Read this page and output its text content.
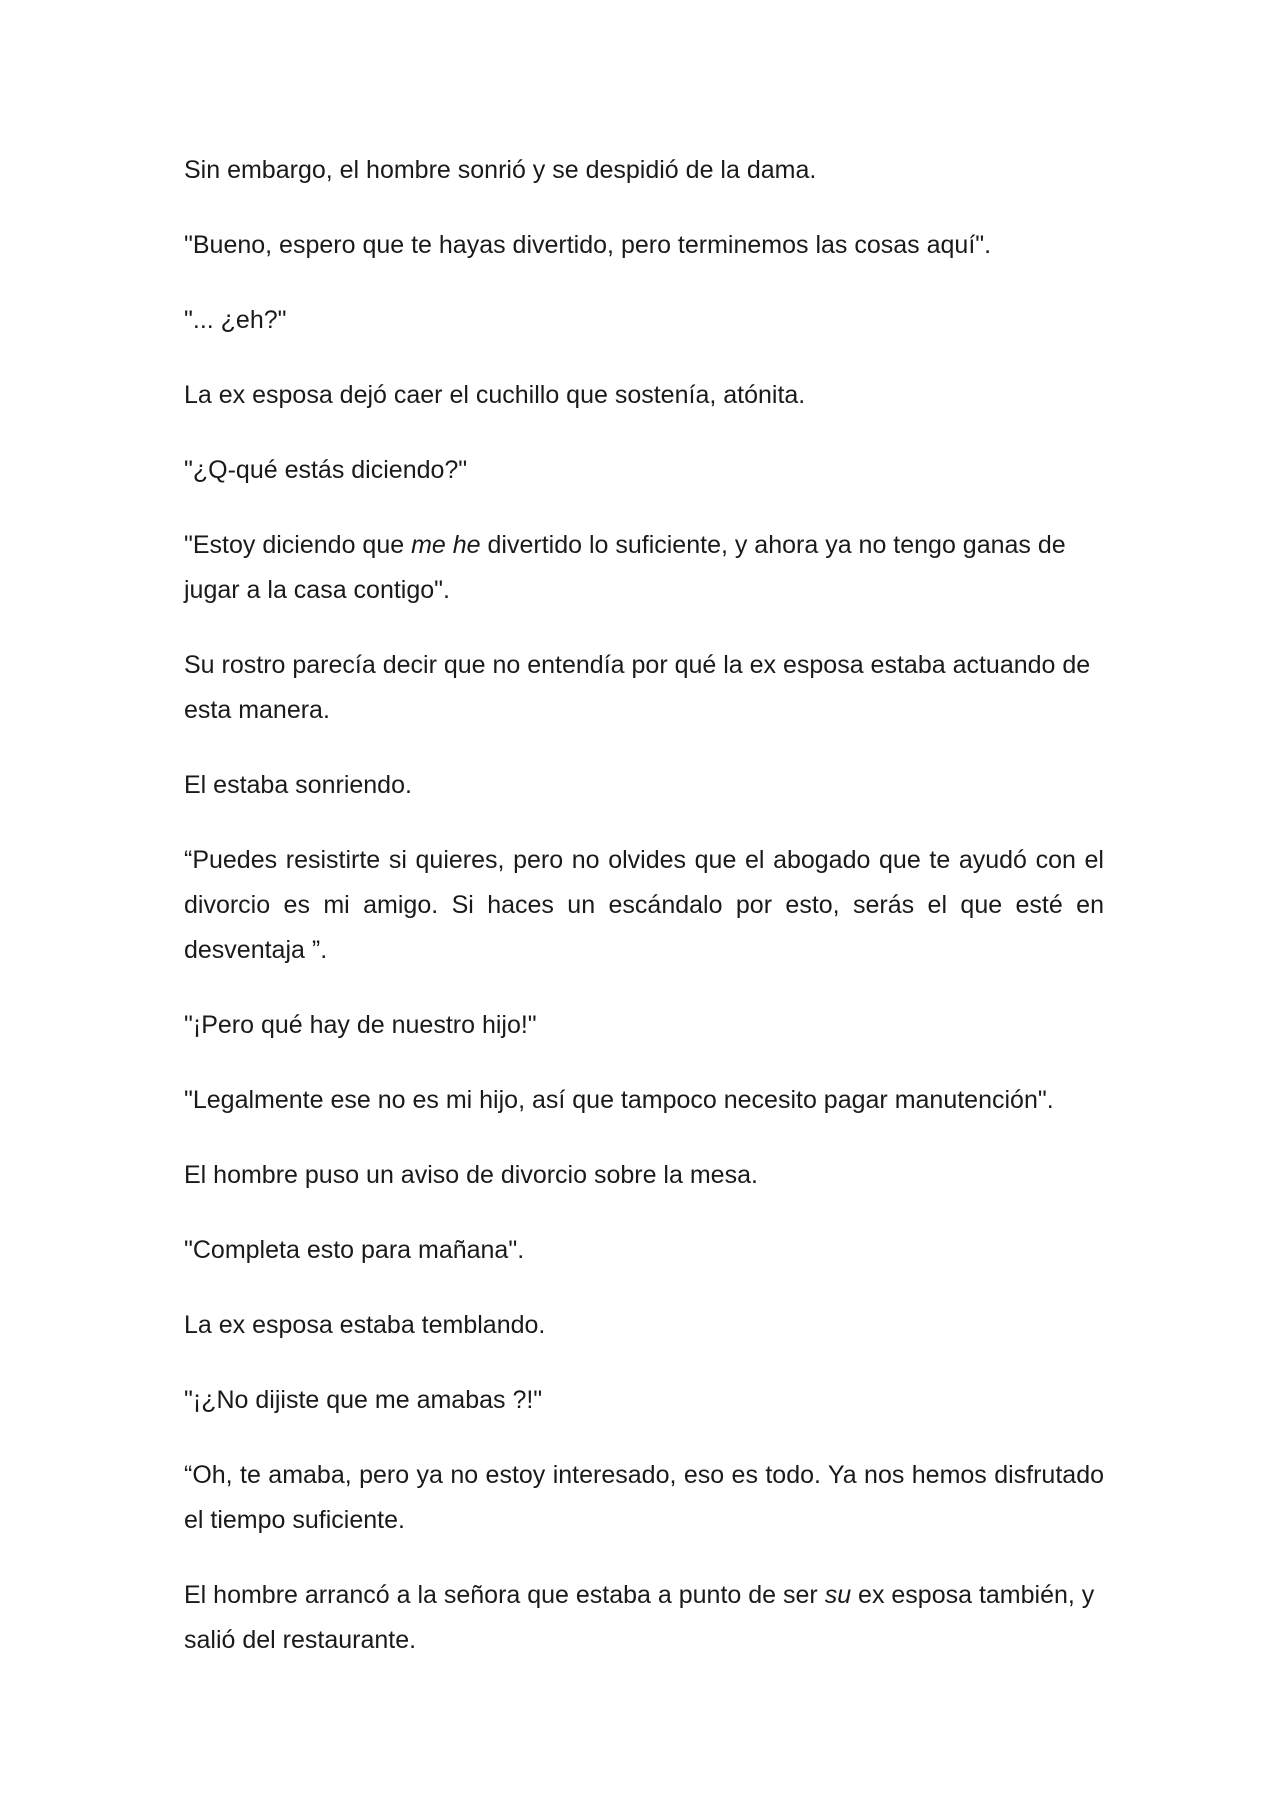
Sin embargo, el hombre sonrió y se despidió de la dama.

"Bueno, espero que te hayas divertido, pero terminemos las cosas aquí".

"... ¿eh?"

La ex esposa dejó caer el cuchillo que sostenía, atónita.

"¿Q-qué estás diciendo?"

"Estoy diciendo que me he divertido lo suficiente, y ahora ya no tengo ganas de jugar a la casa contigo".

Su rostro parecía decir que no entendía por qué la ex esposa estaba actuando de esta manera.

El estaba sonriendo.

“Puedes resistirte si quieres, pero no olvides que el abogado que te ayudó con el divorcio es mi amigo. Si haces un escándalo por esto, serás el que esté en desventaja ”.

"¡Pero qué hay de nuestro hijo!"

"Legalmente ese no es mi hijo, así que tampoco necesito pagar manutención".

El hombre puso un aviso de divorcio sobre la mesa.

"Completa esto para mañana".

La ex esposa estaba temblando.

"¡¿No dijiste que me amabas ?!"

“Oh, te amaba, pero ya no estoy interesado, eso es todo. Ya nos hemos disfrutado el tiempo suficiente.

El hombre arrancó a la señora que estaba a punto de ser su ex esposa también, y salió del restaurante.
